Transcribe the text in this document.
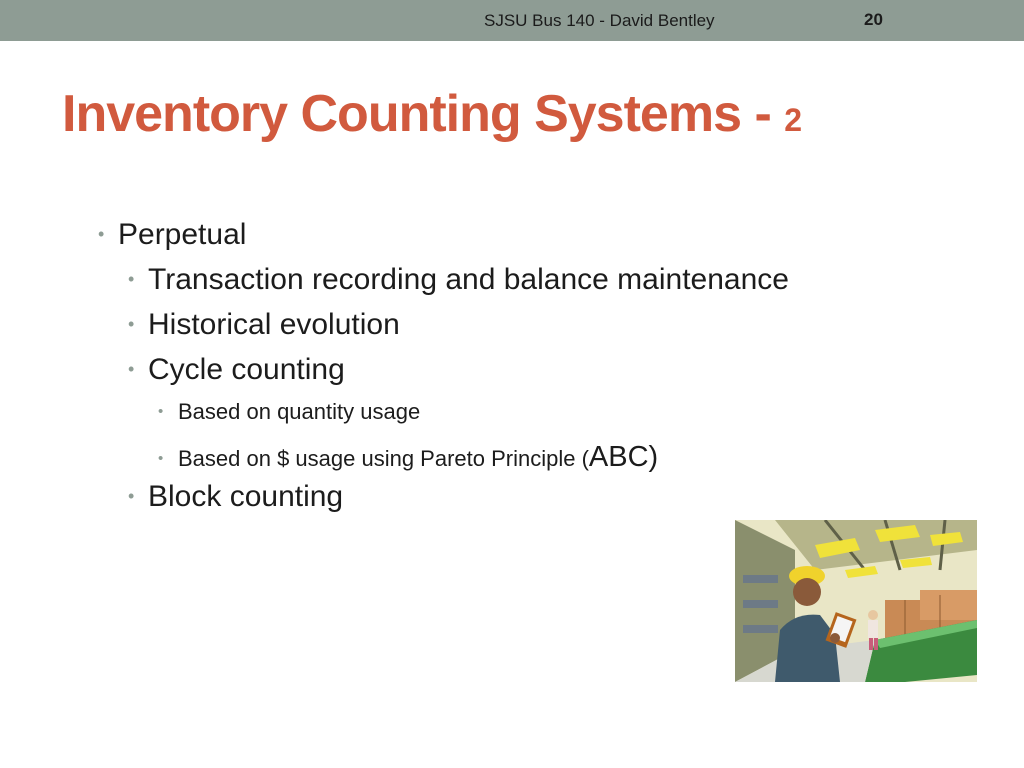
SJSU Bus 140 - David Bentley	20
Inventory Counting Systems - 2
• Perpetual
• Transaction recording and balance maintenance
• Historical evolution
• Cycle counting
• Based on quantity usage
• Based on $ usage using Pareto Principle (ABC)
• Block counting
